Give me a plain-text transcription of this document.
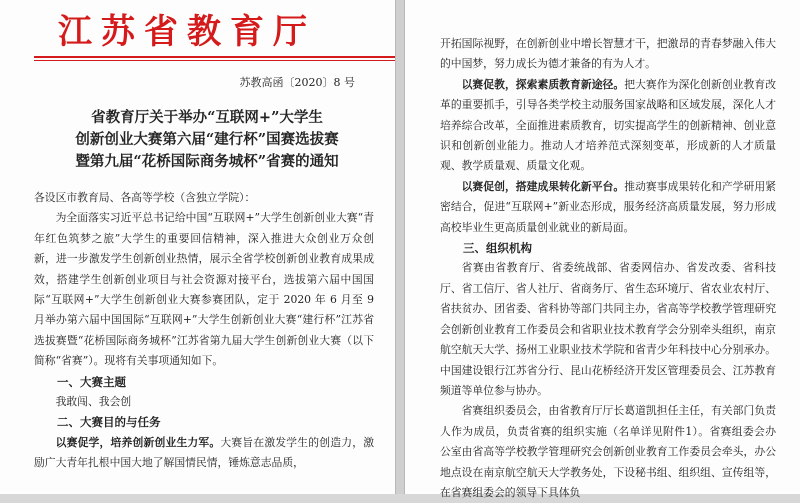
江苏省教育厅
苏教高函〔2020〕8 号
省教育厅关于举办“互联网+”大学生
创新创业大赛第六届“建行杯”国赛选拔赛
暨第九届“花桥国际商务城杯”省赛的通知

各设区市教育局、各高等学校（含独立学院）：

为全面落实习近平总书记给中国“互联网+”大学生创新创业大赛“青年红色筑梦之旅”大学生的重要回信精神，深入推进大众创业万众创新，进一步激发学生创新创业热情，展示全省学校创新创业教育成果成效，搭建学生创新创业项目与社会资源对接平台，选拔第六届中国国际“互联网+”大学生创新创业大赛参赛团队，定于 2020 年 6 月至 9 月举办第六届中国国际“互联网+”大学生创新创业大赛“建行杯”江苏省选拔赛暨“花桥国际商务城杯”江苏省第九届大学生创新创业大赛（以下简称“省赛”）。现将有关事项通知如下。

一、大赛主题

我敢闯、我会创

二、大赛目的与任务

以赛促学，培养创新创业生力军。大赛旨在激发学生的创造力，激励广大青年扎根中国大地了解国情民情，锤炼意志品质，

开拓国际视野，在创新创业中增长智慧才干，把激昂的青春梦融入伟大的中国梦，努力成长为德才兼备的有为人才。

以赛促教，探索素质教育新途径。把大赛作为深化创新创业教育改革的重要抓手，引导各类学校主动服务国家战略和区域发展，深化人才培养综合改革，全面推进素质教育，切实提高学生的创新精神、创业意识和创新创业能力。推动人才培养范式深刻变革，形成新的人才质量观、教学质量观、质量文化观。

以赛促创，搭建成果转化新平台。推动赛事成果转化和产学研用紧密结合，促进“互联网+”新业态形成，服务经济高质量发展，努力形成高校毕业生更高质量创业就业的新局面。

三、组织机构

省赛由省教育厅、省委统战部、省委网信办、省发改委、省科技厅、省工信厅、省人社厅、省商务厅、省生态环境厅、省农业农村厅、省扶贫办、团省委、省科协等部门共同主办，省高等学校教学管理研究会创新创业教育工作委员会和省职业技术教育学会分别牵头组织，南京航空航天大学、扬州工业职业技术学院和省青少年科技中心分别承办。中国建设银行江苏省分行、昆山花桥经济开发区管理委员会、江苏教育频道等单位参与协办。

省赛组织委员会，由省教育厅厅长葛道凯担任主任，有关部门负责人作为成员，负责省赛的组织实施（名单详见附件1）。省赛组委会办公室由省高等学校教学管理研究会创新创业教育工作委员会牵头，办公地点设在南京航空航天大学教务处，下设秘书组、组织组、宣传组等，在省赛组委会的领导下具体负
